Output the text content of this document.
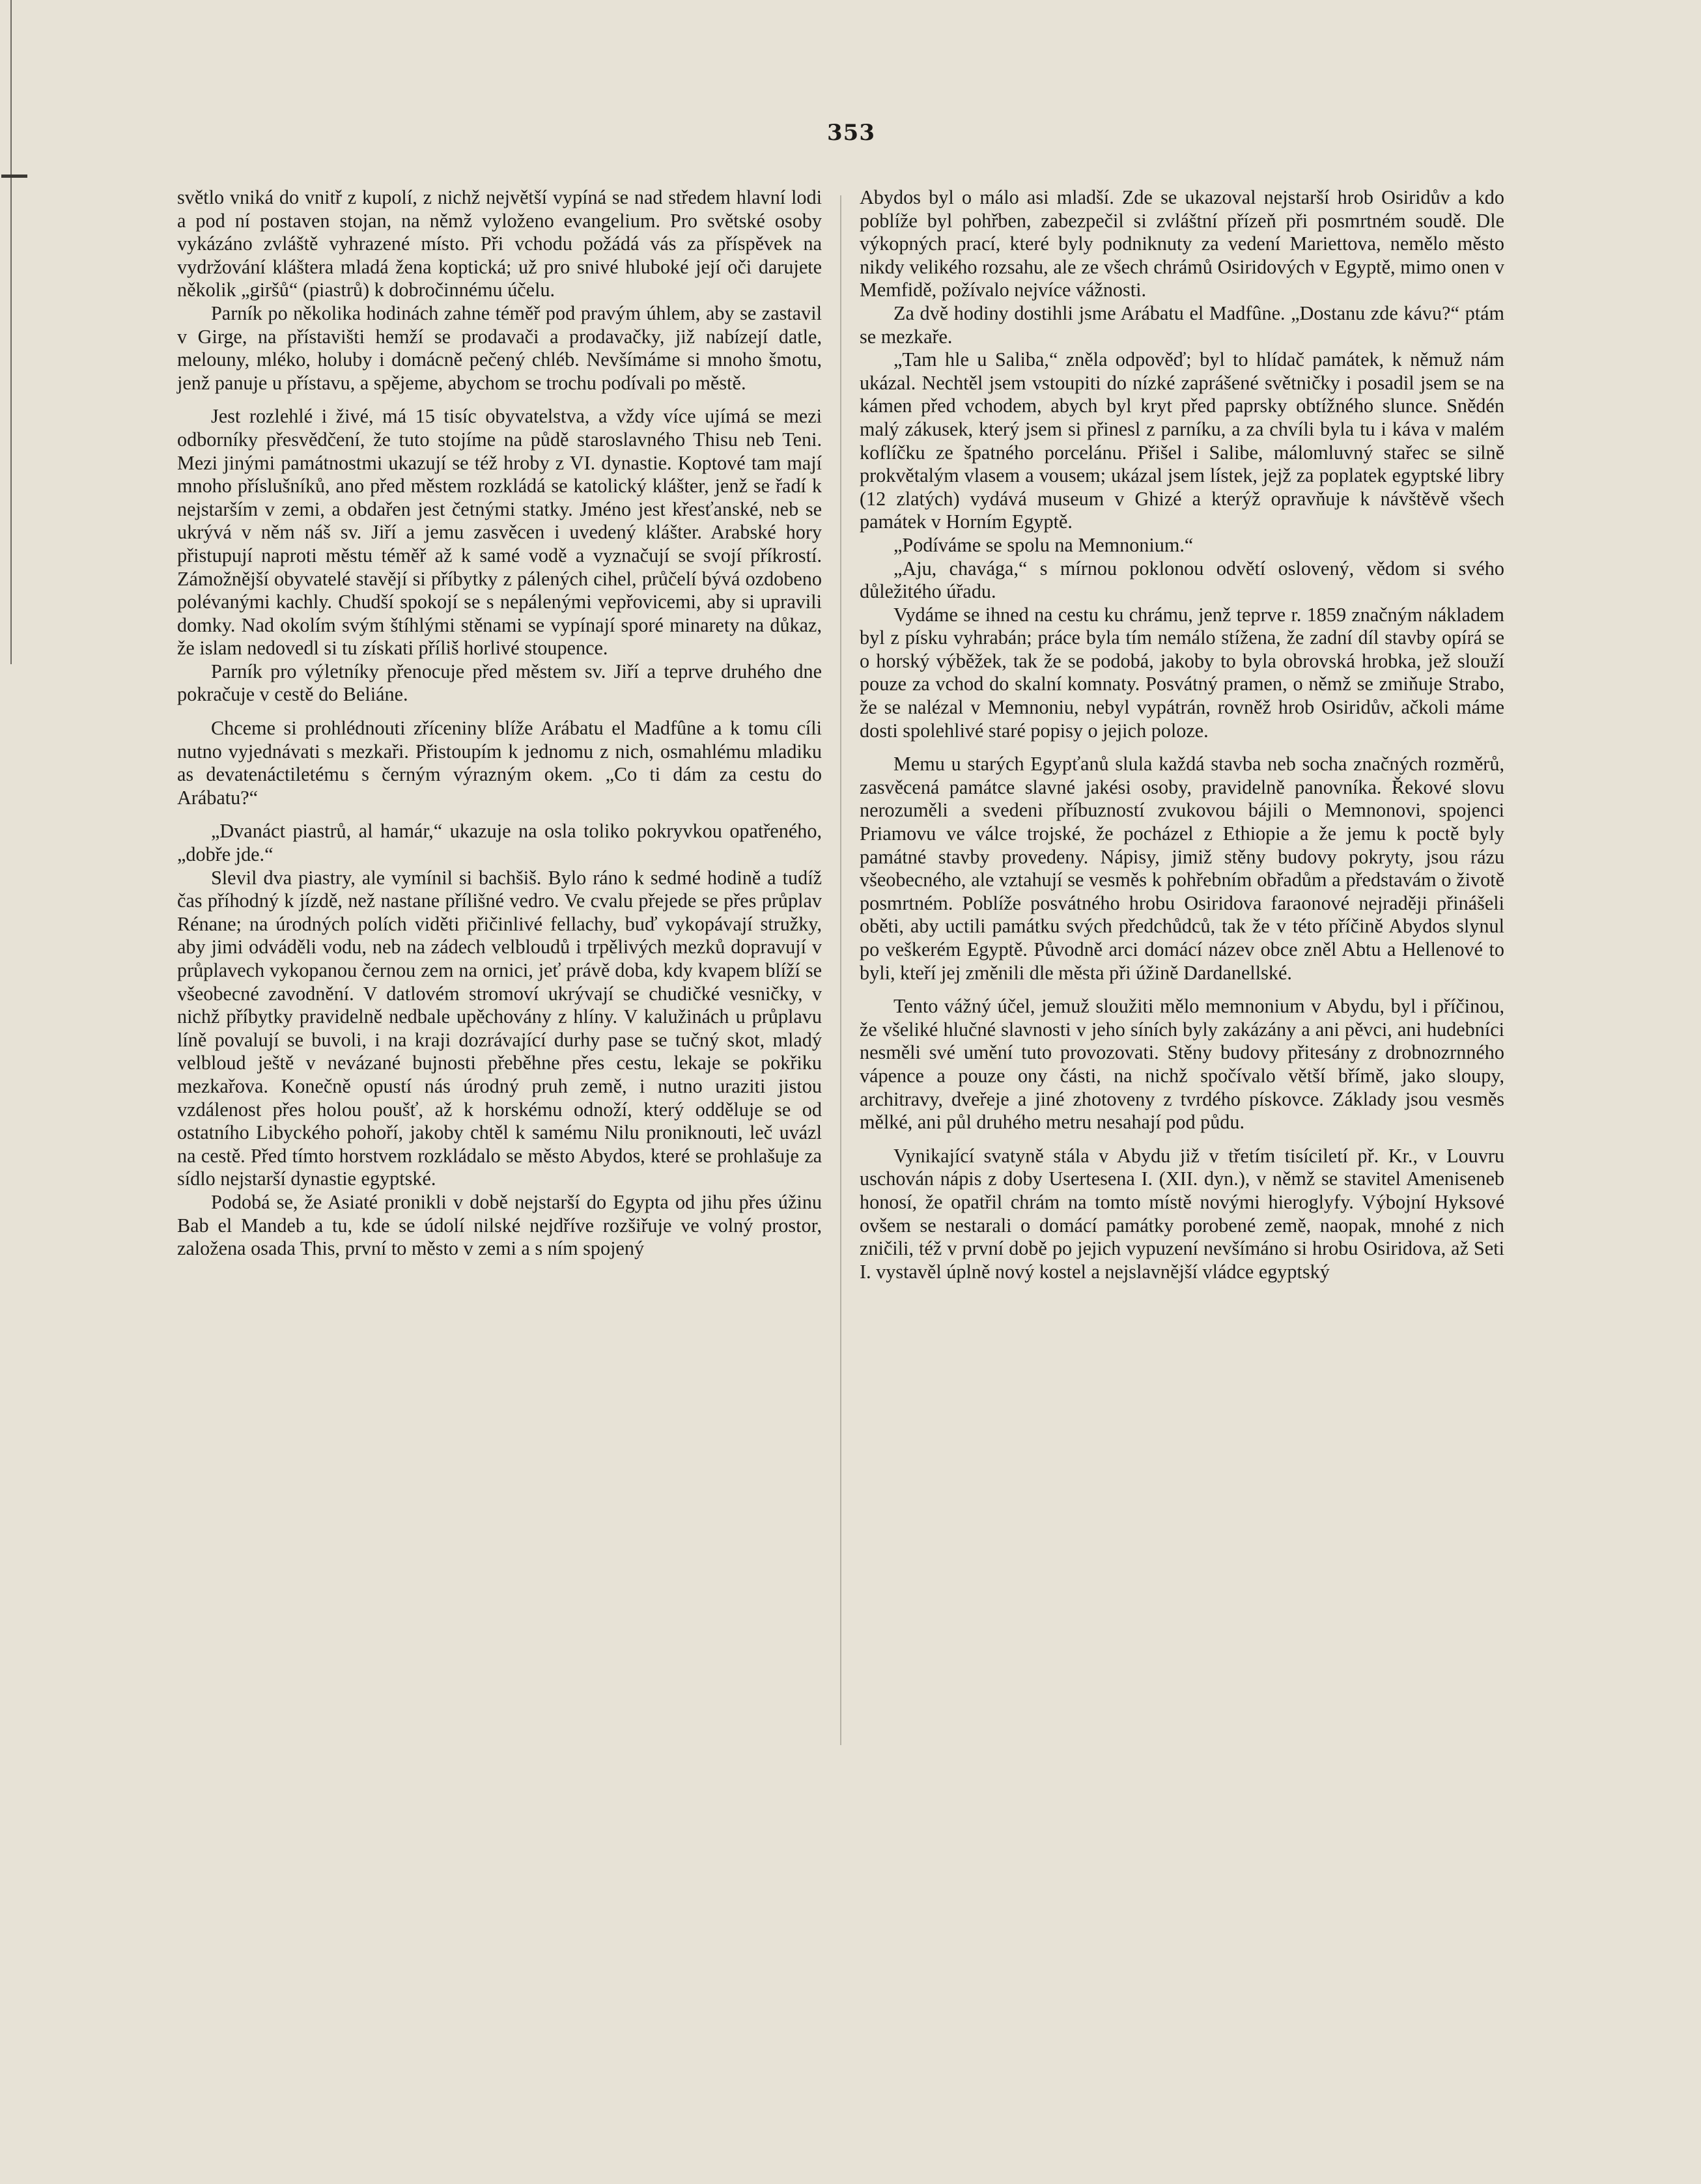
353

světlo vniká do vnitř z kupolí, z nichž největší vypíná se nad středem hlavní lodi a pod ní postaven stojan, na němž vyloženo evangelium. Pro světské osoby vykázáno zvláště vyhrazené místo. Při vchodu požádá vás za příspěvek na vydržování kláštera mladá žena koptická; už pro snivé hluboké její oči darujete několik „giršů“ (piastrů) k dobročinnému účelu.

Parník po několika hodinách zahne téměř pod pravým úhlem, aby se zastavil v Girge, na přístavišti hemží se prodavači a prodavačky, již nabízejí datle, melouny, mléko, holuby i domácně pečený chléb. Nevšímáme si mnoho šmotu, jenž panuje u přístavu, a spějeme, abychom se trochu podívali po městě.

Jest rozlehlé i živé, má 15 tisíc obyvatelstva, a vždy více ujímá se mezi odborníky přesvědčení, že tuto stojíme na půdě staroslavného Thisu neb Teni. Mezi jinými památnostmi ukazují se též hroby z VI. dynastie. Koptové tam mají mnoho příslušníků, ano před městem rozkládá se katolický klášter, jenž se řadí k nejstarším v zemi, a obdařen jest četnými statky. Jméno jest křesťanské, neb se ukrývá v něm náš sv. Jiří a jemu zasvěcen i uvedený klášter. Arabské hory přistupují naproti městu téměř až k samé vodě a vyznačují se svojí příkrostí. Zámožnější obyvatelé stavějí si příbytky z pálených cihel, průčelí bývá ozdobeno polévanými kachly. Chudší spokojí se s nepálenými vepřovicemi, aby si upravili domky. Nad okolím svým štíhlými stěnami se vypínají sporé minarety na důkaz, že islam nedovedl si tu získati příliš horlivé stoupence.

Parník pro výletníky přenocuje před městem sv. Jiří a teprve druhého dne pokračuje v cestě do Beliáne.

Chceme si prohlédnouti zříceniny blíže Arábatu el Madfûne a k tomu cíli nutno vyjednávati s mezkaři. Přistoupím k jednomu z nich, osmahlému mladiku as devatenáctiletému s černým výrazným okem. „Co ti dám za cestu do Arábatu?“

„Dvanáct piastrů, al hamár,“ ukazuje na osla toliko pokryvkou opatřeného, „dobře jde.“

Slevil dva piastry, ale vymínil si bachšiš. Bylo ráno k sedmé hodině a tudíž čas příhodný k jízdě, než nastane přílišné vedro. Ve cvalu přejede se přes průplav Rénane; na úrodných polích viděti přičinlivé fellachy, buď vykopávají stružky, aby jimi odváděli vodu, neb na zádech velbloudů i trpělivých mezků dopravují v průplavech vykopanou černou zem na ornici, jeť právě doba, kdy kvapem blíží se všeobecné zavodnění. V datlovém stromoví ukrývají se chudičké vesničky, v nichž příbytky pravidelně nedbale upěchovány z hlíny. V kalužinách u průplavu líně povalují se buvoli, i na kraji dozrávající durhy pase se tučný skot, mladý velbloud ještě v nevázané bujnosti přeběhne přes cestu, lekaje se pokřiku mezkařova. Konečně opustí nás úrodný pruh země, i nutno uraziti jistou vzdálenost přes holou poušť, až k horskému odnoží, který odděluje se od ostatního Libyckého pohoří, jakoby chtěl k samému Nilu proniknouti, leč uvázl na cestě. Před tímto horstvem rozkládalo se město Abydos, které se prohlašuje za sídlo nejstarší dynastie egyptské.

Podobá se, že Asiaté pronikli v době nejstarší do Egypta od jihu přes úžinu Bab el Mandeb a tu, kde se údolí nilské nejdříve rozšiřuje ve volný prostor, založena osada This, první to město v zemi a s ním spojený

Abydos byl o málo asi mladší. Zde se ukazoval nejstarší hrob Osiridův a kdo poblíže byl pohřben, zabezpečil si zvláštní přízeň při posmrtném soudě. Dle výkopných prací, které byly podniknuty za vedení Mariettova, nemělo město nikdy velikého rozsahu, ale ze všech chrámů Osiridových v Egyptě, mimo onen v Memfidě, požívalo nejvíce vážnosti.

Za dvě hodiny dostihli jsme Arábatu el Madfûne. „Dostanu zde kávu?“ ptám se mezkaře.

„Tam hle u Saliba,“ zněla odpověď; byl to hlídač památek, k němuž nám ukázal. Nechtěl jsem vstoupiti do nízké zaprášené světničky i posadil jsem se na kámen před vchodem, abych byl kryt před paprsky obtížného slunce. Snědén malý zákusek, který jsem si přinesl z parníku, a za chvíli byla tu i káva v malém koflíčku ze špatného porcelánu. Přišel i Salibe, málomluvný stařec se silně prokvětalým vlasem a vousem; ukázal jsem lístek, jejž za poplatek egyptské libry (12 zlatých) vydává museum v Ghizé a kterýž opravňuje k návštěvě všech památek v Horním Egyptě.

„Podíváme se spolu na Memnonium.“

„Aju, chavága,“ s mírnou poklonou odvětí oslovený, vědom si svého důležitého úřadu.

Vydáme se ihned na cestu ku chrámu, jenž teprve r. 1859 značným nákladem byl z písku vyhrabán; práce byla tím nemálo stížena, že zadní díl stavby opírá se o horský výběžek, tak že se podobá, jakoby to byla obrovská hrobka, jež slouží pouze za vchod do skalní komnaty. Posvátný pramen, o němž se zmiňuje Strabo, že se nalézal v Memnoniu, nebyl vypátrán, rovněž hrob Osiridův, ačkoli máme dosti spolehlivé staré popisy o jejich poloze.

Memu u starých Egypťanů slula každá stavba neb socha značných rozměrů, zasvěcená památce slavné jakési osoby, pravidelně panovníka. Řekové slovu nerozuměli a svedeni příbuzností zvukovou bájili o Memnonovi, spojenci Priamovu ve válce trojské, že pocházel z Ethiopie a že jemu k poctě byly památné stavby provedeny. Nápisy, jimiž stěny budovy pokryty, jsou rázu všeobecného, ale vztahují se vesměs k pohřebním obřadům a představám o životě posmrtném. Poblíže posvátného hrobu Osiridova faraonové nejraději přinášeli oběti, aby uctili památku svých předchůdců, tak že v této příčině Abydos slynul po veškerém Egyptě. Původně arci domácí název obce zněl Abtu a Hellenové to byli, kteří jej změnili dle města při úžině Dardanellské.

Tento vážný účel, jemuž sloužiti mělo memnonium v Abydu, byl i příčinou, že všeliké hlučné slavnosti v jeho síních byly zakázány a ani pěvci, ani hudebníci nesměli své umění tuto provozovati. Stěny budovy přitesány z drobnozrnného vápence a pouze ony části, na nichž spočívalo větší břímě, jako sloupy, architravy, dveřeje a jiné zhotoveny z tvrdého pískovce. Základy jsou vesměs mělké, ani půl druhého metru nesahají pod půdu.

Vynikající svatyně stála v Abydu již v třetím tisíciletí př. Kr., v Louvru uschován nápis z doby Usertesena I. (XII. dyn.), v němž se stavitel Ameniseneb honosí, že opatřil chrám na tomto místě novými hieroglyfy. Výbojní Hyksové ovšem se nestarali o domácí památky porobené země, naopak, mnohé z nich zničili, též v první době po jejich vypuzení nevšímáno si hrobu Osiridova, až Seti I. vystavěl úplně nový kostel a nejslavnější vládce egyptský
